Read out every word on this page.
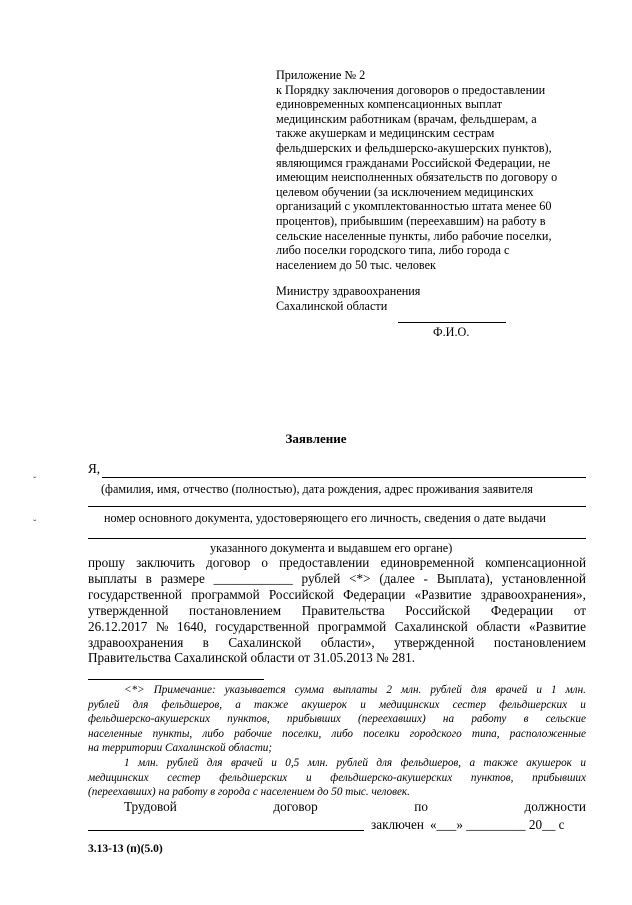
Приложение № 2
к Порядку заключения договоров о предоставлении
единовременных компенсационных выплат
медицинским работникам (врачам, фельдшерам, а
также акушеркам и медицинским сестрам
фельдшерских и фельдшерско-акушерских пунктов),
являющимся гражданами Российской Федерации, не
имеющим неисполненных обязательств по договору о
целевом обучении (за исключением медицинских
организаций с укомплектованностью штата менее 60
процентов), прибывшим (переехавшим) на работу в
сельские населенные пункты, либо рабочие поселки,
либо поселки городского типа, либо города с
населением до 50 тыс. человек
Министру здравоохранения
Сахалинской области
Ф.И.О.
Заявление
Я,
(фамилия, имя, отчество (полностью), дата рождения, адрес проживания заявителя
номер основного документа, удостоверяющего его личность, сведения о дате выдачи
указанного документа и выдавшем его органе)
прошу заключить договор о предоставлении единовременной компенсационной
выплаты в размере ____________ рублей <*> (далее - Выплата), установленной
государственной программой Российской Федерации «Развитие здравоохранения»,
утвержденной постановлением Правительства Российской Федерации от
26.12.2017 № 1640, государственной программой Сахалинской области «Развитие
здравоохранения в Сахалинской области», утвержденной постановлением
Правительства Сахалинской области от 31.05.2013 № 281.
<*> Примечание: указывается сумма выплаты 2 млн. рублей для врачей и 1 млн.
рублей для фельдшеров, а также акушерок и медицинских сестер фельдшерских и
фельдшерско-акушерских пунктов, прибывших (переехавших) на работу в сельские
населенные пункты, либо рабочие поселки, либо поселки городского типа, расположенные
на территории Сахалинской области;
1 млн. рублей для врачей и 0,5 млн. рублей для фельдшеров, а также акушерок и
медицинских сестер фельдшерских и фельдшерско-акушерских пунктов, прибывших
(переехавших) на работу в города с населением до 50 тыс. человек.
Трудовой	договор	по	должности
заключен «___» _________ 20__ с
3.13-13 (п)(5.0)
ˇ
ˇ
